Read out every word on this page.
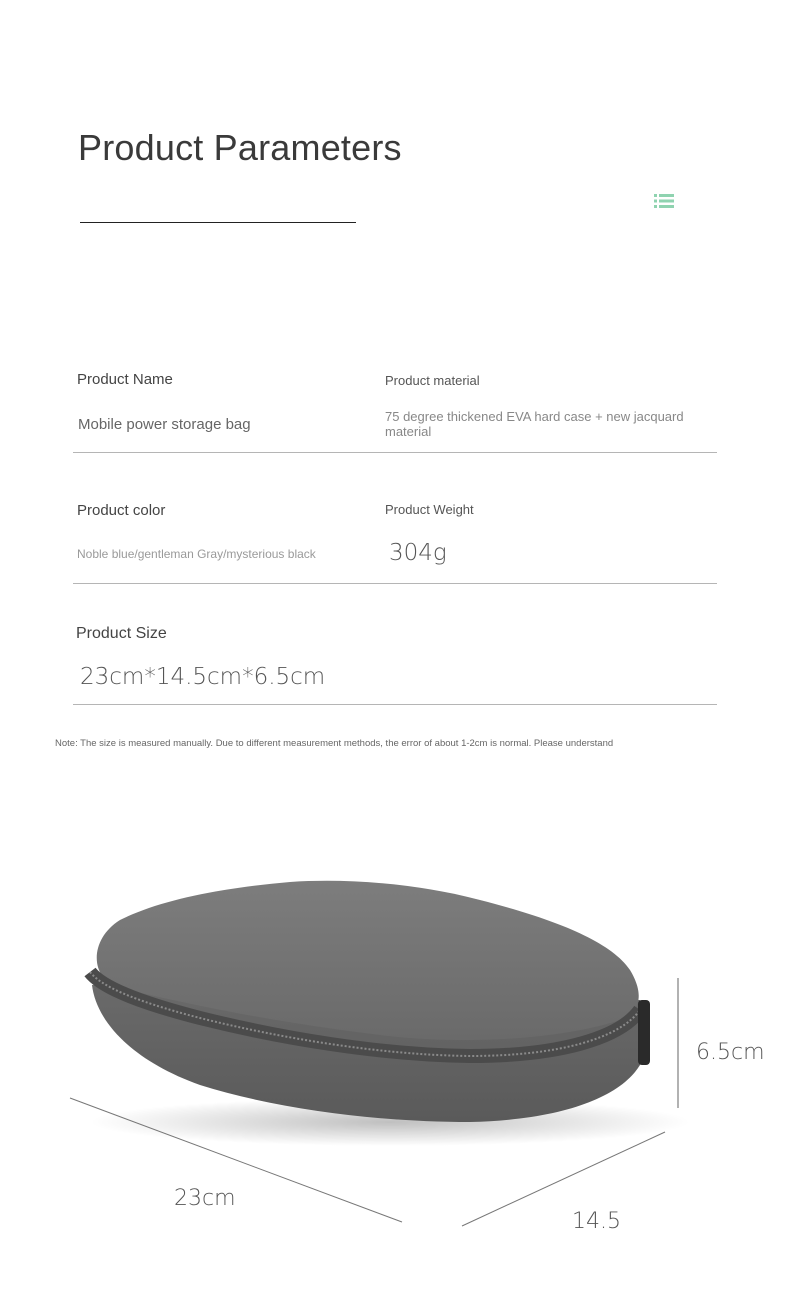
Product Parameters
Product Name
Mobile power storage bag
Product material
75 degree thickened EVA hard case + new jacquard material
Product color
Noble blue/gentleman Gray/mysterious black
Product Weight
304g
Product Size
23cm*14.5cm*6.5cm
Note: The size is measured manually. Due to different measurement methods, the error of about 1-2cm is normal. Please understand
6.5cm
23cm
14.5
